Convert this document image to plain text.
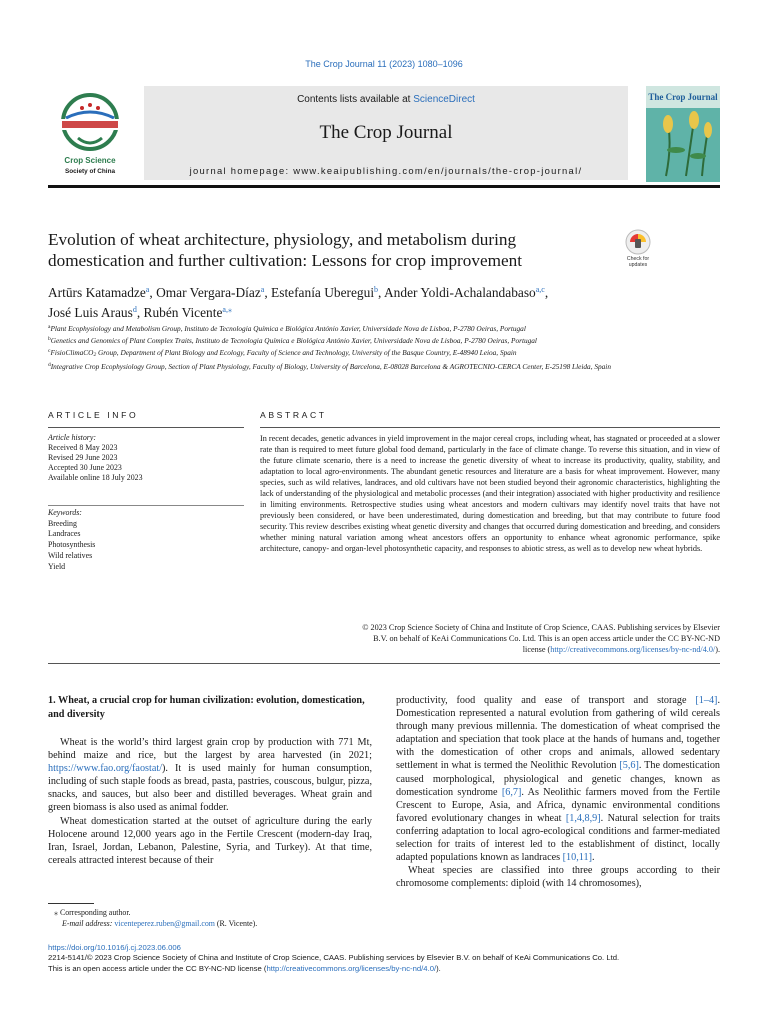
The Crop Journal 11 (2023) 1080–1096
Crop Science
Society of China
Contents lists available at ScienceDirect
The Crop Journal
journal homepage: www.keaipublishing.com/en/journals/the-crop-journal/
The Crop Journal
Evolution of wheat architecture, physiology, and metabolism during domestication and further cultivation: Lessons for crop improvement	Check for
updates
Artūrs Katamadze$^a$, Omar Vergara-Díaz$^a$, Estefanía Uberegui$^b$, Ander Yoldi-Achalandabaso$^{a,c}$,
José Luis Araus$^d$, Rubén Vicente$^{a,⁎}$
$^a$Plant Ecophysiology and Metabolism Group, Instituto de Tecnologia Química e Biológica António Xavier, Universidade Nova de Lisboa, P-2780 Oeiras, Portugal
$^b$Genetics and Genomics of Plant Complex Traits, Instituto de Tecnologia Química e Biológica António Xavier, Universidade Nova de Lisboa, P-2780 Oeiras, Portugal
$^c$FisioClimaCO2 Group, Department of Plant Biology and Ecology, Faculty of Science and Technology, University of the Basque Country, E-48940 Leioa, Spain
$^d$Integrative Crop Ecophysiology Group, Section of Plant Physiology, Faculty of Biology, University of Barcelona, E-08028 Barcelona & AGROTECNIO-CERCA Center, E-25198 Lleida, Spain
ARTICLE INFO	ABSTRACT
Article history:
Received 8 May 2023
Revised 29 June 2023
Accepted 30 June 2023
Available online 18 July 2023
Keywords:
Breeding
Landraces
Photosynthesis
Wild relatives
Yield
In recent decades, genetic advances in yield improvement in the major cereal crops, including wheat, has stagnated or proceeded at a slower rate than is required to meet future global food demand, particularly in the face of climate change. To reverse this situation, and in view of the future climate scenario, there is a need to increase the genetic diversity of wheat to increase its productivity, quality, stability, and adaptation to local agro-environments. The abundant genetic resources and literature are a basis for wheat improvement. However, many species, such as wild relatives, landraces, and old cultivars have not been studied beyond their agronomic characteristics, highlighting the lack of understanding of the physiological and metabolic processes (and their integration) associated with higher productivity and resilience in limiting environments. Retrospective studies using wheat ancestors and modern cultivars may identify novel traits that have not previously been considered, or have been underestimated, during domestication and breeding, but that may contribute to future food security. This review describes existing wheat genetic diversity and changes that occurred during domestication and breeding, and considers whether mining natural variation among wheat ancestors offers an opportunity to enhance wheat agronomic performance, spike architecture, canopy- and organ-level photosynthetic capacity, and responses to abiotic stress, as well as to develop new wheat hybrids.
© 2023 Crop Science Society of China and Institute of Crop Science, CAAS. Publishing services by Elsevier
B.V. on behalf of KeAi Communications Co. Ltd. This is an open access article under the CC BY-NC-ND
license (http://creativecommons.org/licenses/by-nc-nd/4.0/).
1. Wheat, a crucial crop for human civilization: evolution, domestication, and diversity

Wheat is the world’s third largest grain crop by production with 771 Mt, behind maize and rice, but the largest by area harvested (in 2021; https://www.fao.org/faostat/). It is used mainly for human consumption, including of such staple foods as bread, pasta, pastries, couscous, bulgur, pizza, snacks, and sauces, but also beer and distilled beverages. Wheat grain and green biomass is also used as animal fodder.

Wheat domestication started at the outset of agriculture during the early Holocene around 12,000 years ago in the Fertile Crescent (modern-day Iraq, Iran, Israel, Jordan, Lebanon, Palestine, Syria, and Turkey). At that time, cereals attracted interest because of their

productivity, food quality and ease of transport and storage [1–4]. Domestication represented a natural evolution from gathering of wild cereals through many previous millennia. The domestication of wheat comprised the adaptation and speciation that took place at the hands of humans and, together with the domestication of other crops and animals, allowed sedentary settlement in what is termed the Neolithic Revolution [5,6]. The domestication caused morphological, physiological and genetic changes, known as domestication syndrome [6,7]. As Neolithic farmers moved from the Fertile Crescent to Europe, Asia, and Africa, dynamic environmental conditions favored evolutionary changes in wheat [1,4,8,9]. Natural selection for traits conferring adaptation to local agro-ecological conditions and farmer-mediated selection for traits of interest led to the establishment of distinct, locally adapted populations known as landraces [10,11].

Wheat species are classified into three groups according to their chromosome complements: diploid (with 14 chromosomes),

⁎ Corresponding author.
E-mail address: vicenteperez.ruben@gmail.com (R. Vicente).
https://doi.org/10.1016/j.cj.2023.06.006
2214-5141/© 2023 Crop Science Society of China and Institute of Crop Science, CAAS. Publishing services by Elsevier B.V. on behalf of KeAi Communications Co. Ltd.
This is an open access article under the CC BY-NC-ND license (http://creativecommons.org/licenses/by-nc-nd/4.0/).
